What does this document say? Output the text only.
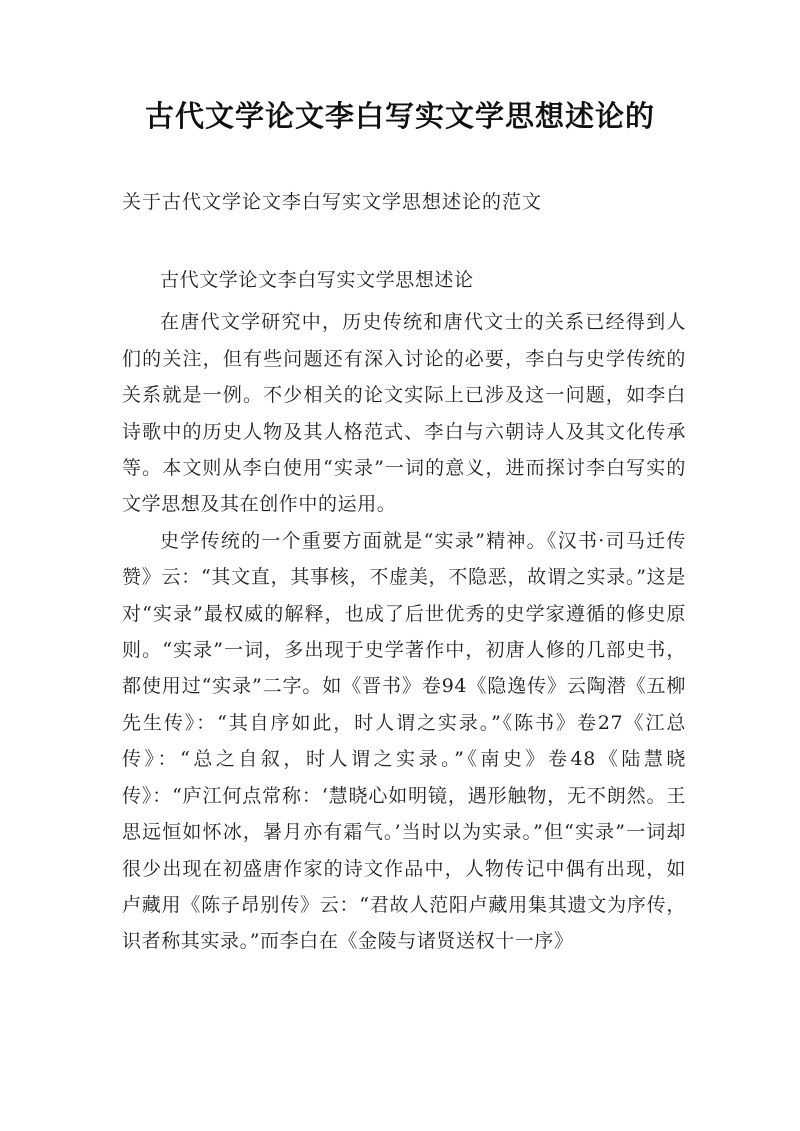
古代文学论文李白写实文学思想述论的
关于古代文学论文李白写实文学思想述论的范文

古代文学论文李白写实文学思想述论

在唐代文学研究中，历史传统和唐代文士的关系已经得到人们的关注，但有些问题还有深入讨论的必要，李白与史学传统的关系就是一例。不少相关的论文实际上已涉及这一问题，如李白诗歌中的历史人物及其人格范式、李白与六朝诗人及其文化传承等。本文则从李白使用“实录”一词的意义，进而探讨李白写实的文学思想及其在创作中的运用。

史学传统的一个重要方面就是“实录”精神。《汉书·司马迁传赞》云：“其文直，其事核，不虚美，不隐恶，故谓之实录。”这是对“实录”最权威的解释，也成了后世优秀的史学家遵循的修史原则。“实录”一词，多出现于史学著作中，初唐人修的几部史书，都使用过“实录”二字。如《晋书》卷94《隐逸传》云陶潜《五柳先生传》：“其自序如此，时人谓之实录。”《陈书》卷27《江总传》：“总之自叙，时人谓之实录。”《南史》卷48《陆慧晓传》：“庐江何点常称：‘慧晓心如明镜，遇形触物，无不朗然。王思远恒如怀冰，暑月亦有霜气。’当时以为实录。”但“实录”一词却很少出现在初盛唐作家的诗文作品中，人物传记中偶有出现，如卢藏用《陈子昂别传》云：“君故人范阳卢藏用集其遗文为序传，识者称其实录。”而李白在《金陵与诸贤送权十一序》
